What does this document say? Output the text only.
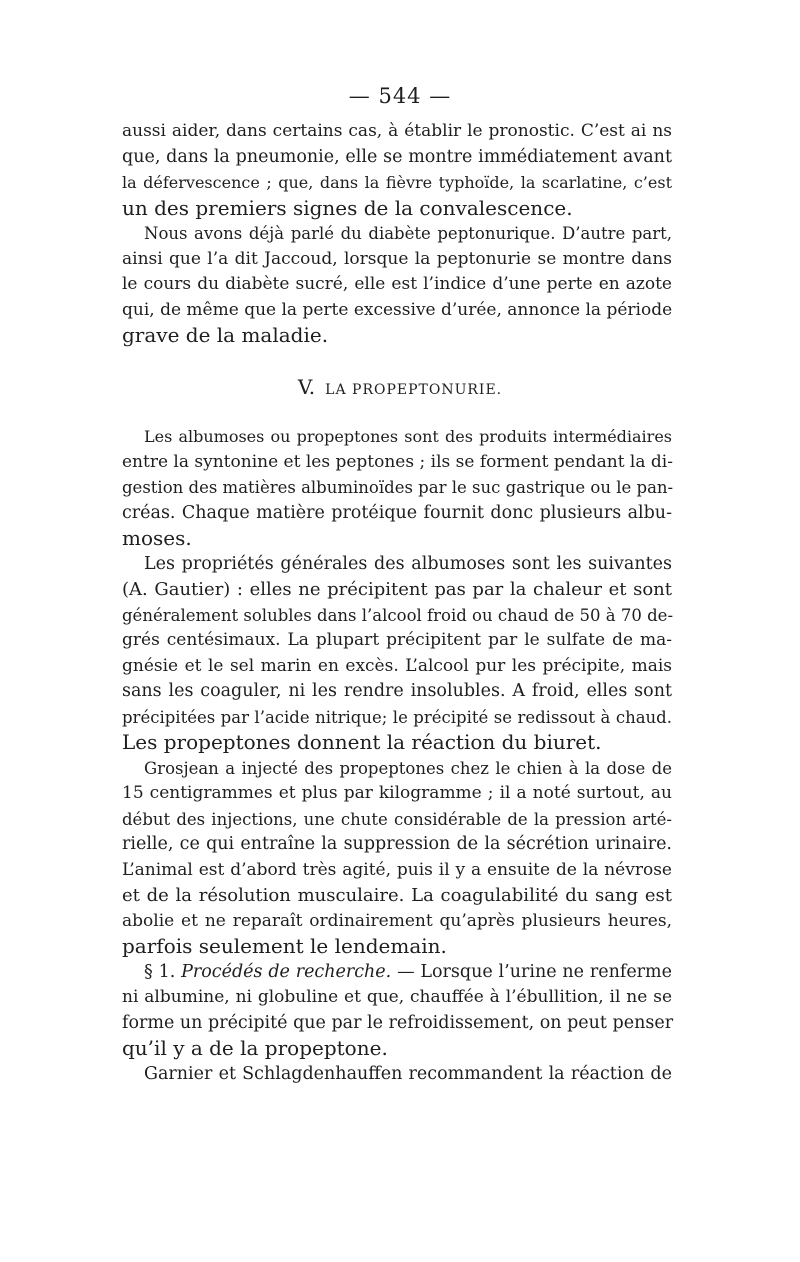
— 544 —
aussi aider, dans certains cas, à établir le pronostic. C’est ai ns
que, dans la pneumonie, elle se montre immédiatement avant
la défervescence ; que, dans la fièvre typhoïde, la scarlatine, c’est
un des premiers signes de la convalescence.
Nous avons déjà parlé du diabète peptonurique. D’autre part,
ainsi que l’a dit Jaccoud, lorsque la peptonurie se montre dans
le cours du diabète sucré, elle est l’indice d’une perte en azote
qui, de même que la perte excessive d’urée, annonce la période
grave de la maladie.
V. LA PROPEPTONURIE.
Les albumoses ou propeptones sont des produits intermédiaires
entre la syntonine et les peptones ; ils se forment pendant la di-
gestion des matières albuminoïdes par le suc gastrique ou le pan-
créas. Chaque matière protéique fournit donc plusieurs albu-
moses.
Les propriétés générales des albumoses sont les suivantes
(A. Gautier) : elles ne précipitent pas par la chaleur et sont
généralement solubles dans l’alcool froid ou chaud de 50 à 70 de-
grés centésimaux. La plupart précipitent par le sulfate de ma-
gnésie et le sel marin en excès. L’alcool pur les précipite, mais
sans les coaguler, ni les rendre insolubles. A froid, elles sont
précipitées par l’acide nitrique; le précipité se redissout à chaud.
Les propeptones donnent la réaction du biuret.
Grosjean a injecté des propeptones chez le chien à la dose de
15 centigrammes et plus par kilogramme ; il a noté surtout, au
début des injections, une chute considérable de la pression arté-
rielle, ce qui entraîne la suppression de la sécrétion urinaire.
L’animal est d’abord très agité, puis il y a ensuite de la névrose
et de la résolution musculaire. La coagulabilité du sang est
abolie et ne reparaît ordinairement qu’après plusieurs heures,
parfois seulement le lendemain.
§ 1. Procédés de recherche. — Lorsque l’urine ne renferme
ni albumine, ni globuline et que, chauffée à l’ébullition, il ne se
forme un précipité que par le refroidissement, on peut penser
qu’il y a de la propeptone.
Garnier et Schlagdenhauffen recommandent la réaction de
